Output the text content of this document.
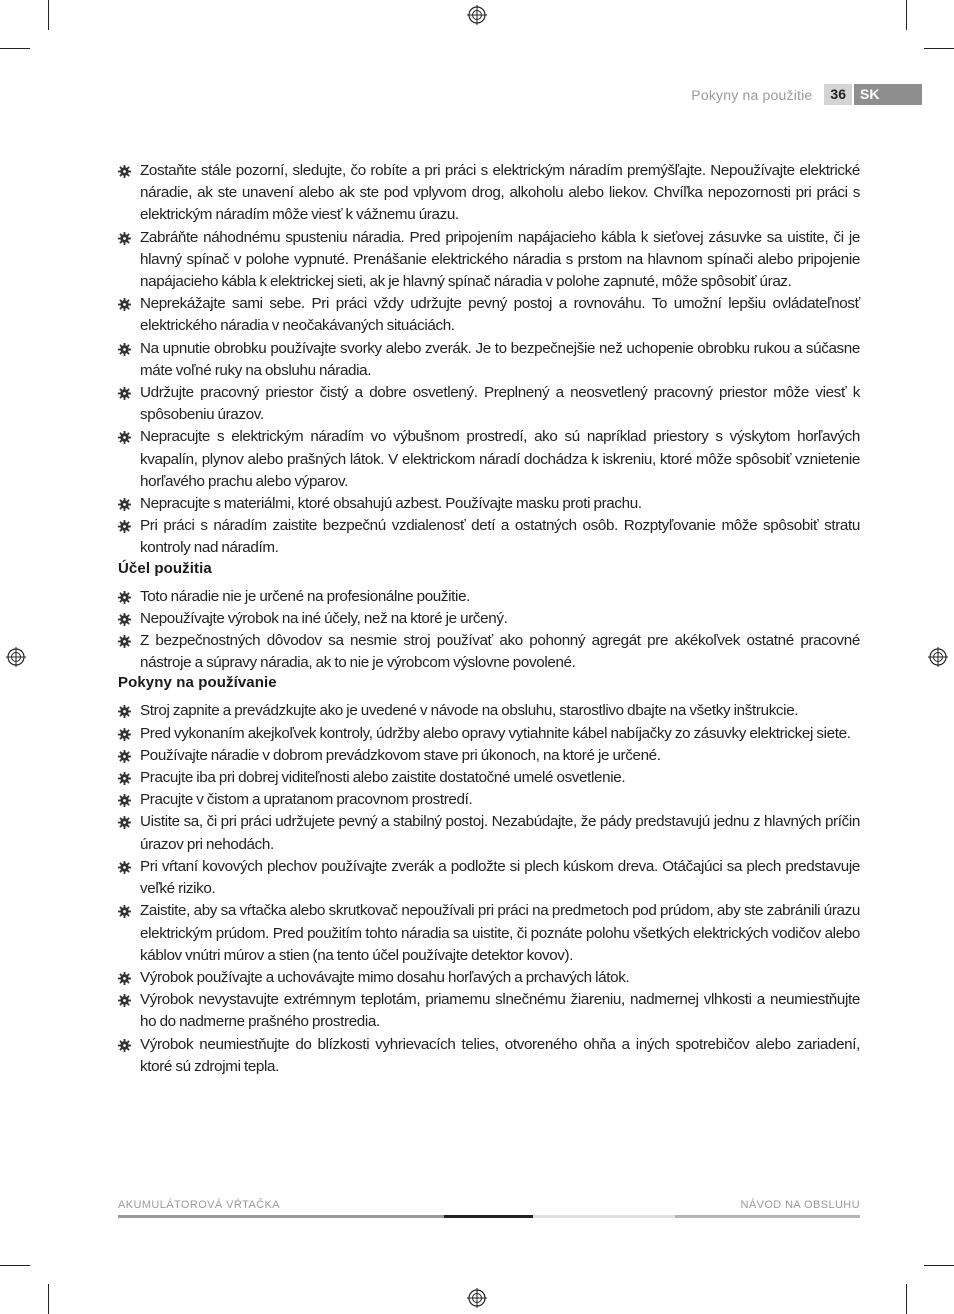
Pokyny na použitie	36	SK
Zostaňte stále pozorní, sledujte, čo robíte a pri práci s elektrickým náradím premýšľajte. Nepoužívajte elektrické náradie, ak ste unavení alebo ak ste pod vplyvom drog, alkoholu alebo liekov. Chvíľka nepozornosti pri práci s elektrickým náradím môže viesť k vážnemu úrazu.
Zabráňte náhodnému spusteniu náradia. Pred pripojením napájacieho kábla k sieťovej zásuvke sa uistite, či je hlavný spínač v polohe vypnuté. Prenášanie elektrického náradia s prstom na hlavnom spínači alebo pripojenie napájacieho kábla k elektrickej sieti, ak je hlavný spínač náradia v polohe zapnuté, môže spôsobiť úraz.
Neprekážajte sami sebe. Pri práci vždy udržujte pevný postoj a rovnováhu. To umožní lepšiu ovládateľnosť elektrického náradia v neočakávaných situáciách.
Na upnutie obrobku používajte svorky alebo zverák. Je to bezpečnejšie než uchopenie obrobku rukou a súčasne máte voľné ruky na obsluhu náradia.
Udržujte pracovný priestor čistý a dobre osvetlený. Preplnený a neosvetlený pracovný priestor môže viesť k spôsobeniu úrazov.
Nepracujte s elektrickým náradím vo výbušnom prostredí, ako sú napríklad priestory s výskytom horľavých kvapalín, plynov alebo prašných látok. V elektrickom náradí dochádza k iskreniu, ktoré môže spôsobiť vznietenie horľavého prachu alebo výparov.
Nepracujte s materiálmi, ktoré obsahujú azbest. Používajte masku proti prachu.
Pri práci s náradím zaistite bezpečnú vzdialenosť detí a ostatných osôb. Rozptyľovanie môže spôsobiť stratu kontroly nad náradím.
Účel použitia
Toto náradie nie je určené na profesionálne použitie.
Nepoužívajte výrobok na iné účely, než na ktoré je určený.
Z bezpečnostných dôvodov sa nesmie stroj používať ako pohonný agregát pre akékoľvek ostatné pracovné nástroje a súpravy náradia, ak to nie je výrobcom výslovne povolené.
Pokyny na používanie
Stroj zapnite a prevádzkujte ako je uvedené v návode na obsluhu, starostlivo dbajte na všetky inštrukcie.
Pred vykonaním akejkoľvek kontroly, údržby alebo opravy vytiahnite kábel nabíjačky zo zásuvky elektrickej siete.
Používajte náradie v dobrom prevádzkovom stave pri úkonoch, na ktoré je určené.
Pracujte iba pri dobrej viditeľnosti alebo zaistite dostatočné umelé osvetlenie.
Pracujte v čistom a upratanom pracovnom prostredí.
Uistite sa, či pri práci udržujete pevný a stabilný postoj. Nezabúdajte, že pády predstavujú jednu z hlavných príčin úrazov pri nehodách.
Pri vŕtaní kovových plechov používajte zverák a podložte si plech kúskom dreva. Otáčajúci sa plech predstavuje veľké riziko.
Zaistite, aby sa vŕtačka alebo skrutkovač nepoužívali pri práci na predmetoch pod prúdom, aby ste zabránili úrazu elektrickým prúdom. Pred použitím tohto náradia sa uistite, či poznáte polohu všetkých elektrických vodičov alebo káblov vnútri múrov a stien (na tento účel používajte detektor kovov).
Výrobok používajte a uchovávajte mimo dosahu horľavých a prchavých látok.
Výrobok nevystavujte extrémnym teplotám, priamemu slnečnému žiareniu, nadmernej vlhkosti a neumiestňujte ho do nadmerne prašného prostredia.
Výrobok neumiestňujte do blízkosti vyhrievacích telies, otvoreného ohňa a iných spotrebičov alebo zariadení, ktoré sú zdrojmi tepla.
AKUMULÁTOROVÁ VŔTAČKA	NÁVOD NA OBSLUHU
